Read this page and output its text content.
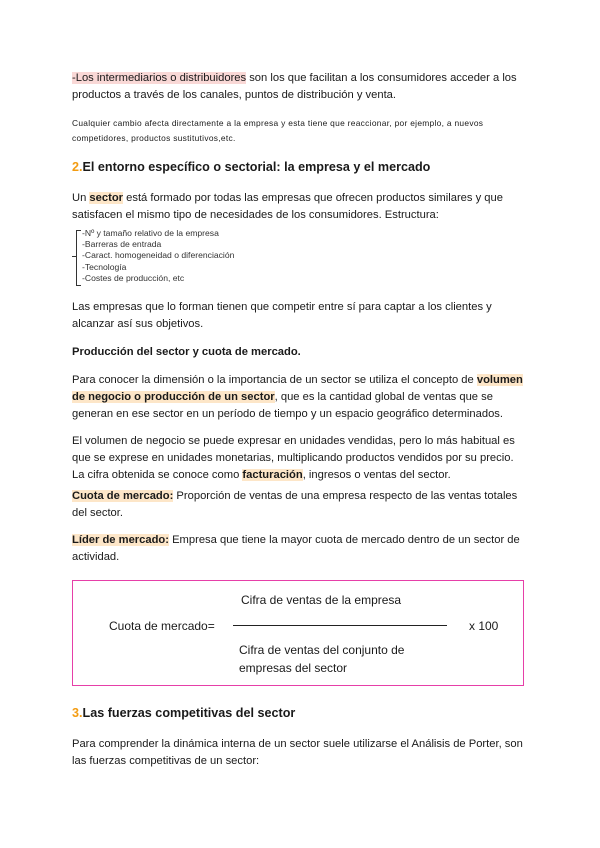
-Los intermediarios o distribuidores son los que facilitan a los consumidores acceder a los productos a través de los canales, puntos de distribución y venta.

Cualquier cambio afecta directamente a la empresa y esta tiene que reaccionar, por ejemplo, a nuevos competidores, productos sustitutivos,etc.

2.El entorno específico o sectorial: la empresa y el mercado

Un sector está formado por todas las empresas que ofrecen productos similares y que satisfacen el mismo tipo de necesidades de los consumidores. Estructura:

-Nº y tamaño relativo de la empresa
-Barreras de entrada
-Caract. homogeneidad o diferenciación
-Tecnología
-Costes de producción, etc

Las empresas que lo forman tienen que competir entre sí para captar a los clientes y alcanzar así sus objetivos.

Producción del sector y cuota de mercado.

Para conocer la dimensión o la importancia de un sector se utiliza el concepto de volumen de negocio o producción de un sector, que es la cantidad global de ventas que se generan en ese sector en un período de tiempo y un espacio geográfico determinados.

El volumen de negocio se puede expresar en unidades vendidas, pero lo más habitual es que se exprese en unidades monetarias, multiplicando productos vendidos por su precio. La cifra obtenida se conoce como facturación, ingresos o ventas del sector.

Cuota de mercado: Proporción de ventas de una empresa respecto de las ventas totales del sector.

Líder de mercado: Empresa que tiene la mayor cuota de mercado dentro de un sector de actividad.

Cuota de mercado=
Cifra de ventas de la empresa
Cifra de ventas del conjunto de
empresas del sector
x 100
3.Las fuerzas competitivas del sector

Para comprender la dinámica interna de un sector suele utilizarse el Análisis de Porter, son las fuerzas competitivas de un sector:
